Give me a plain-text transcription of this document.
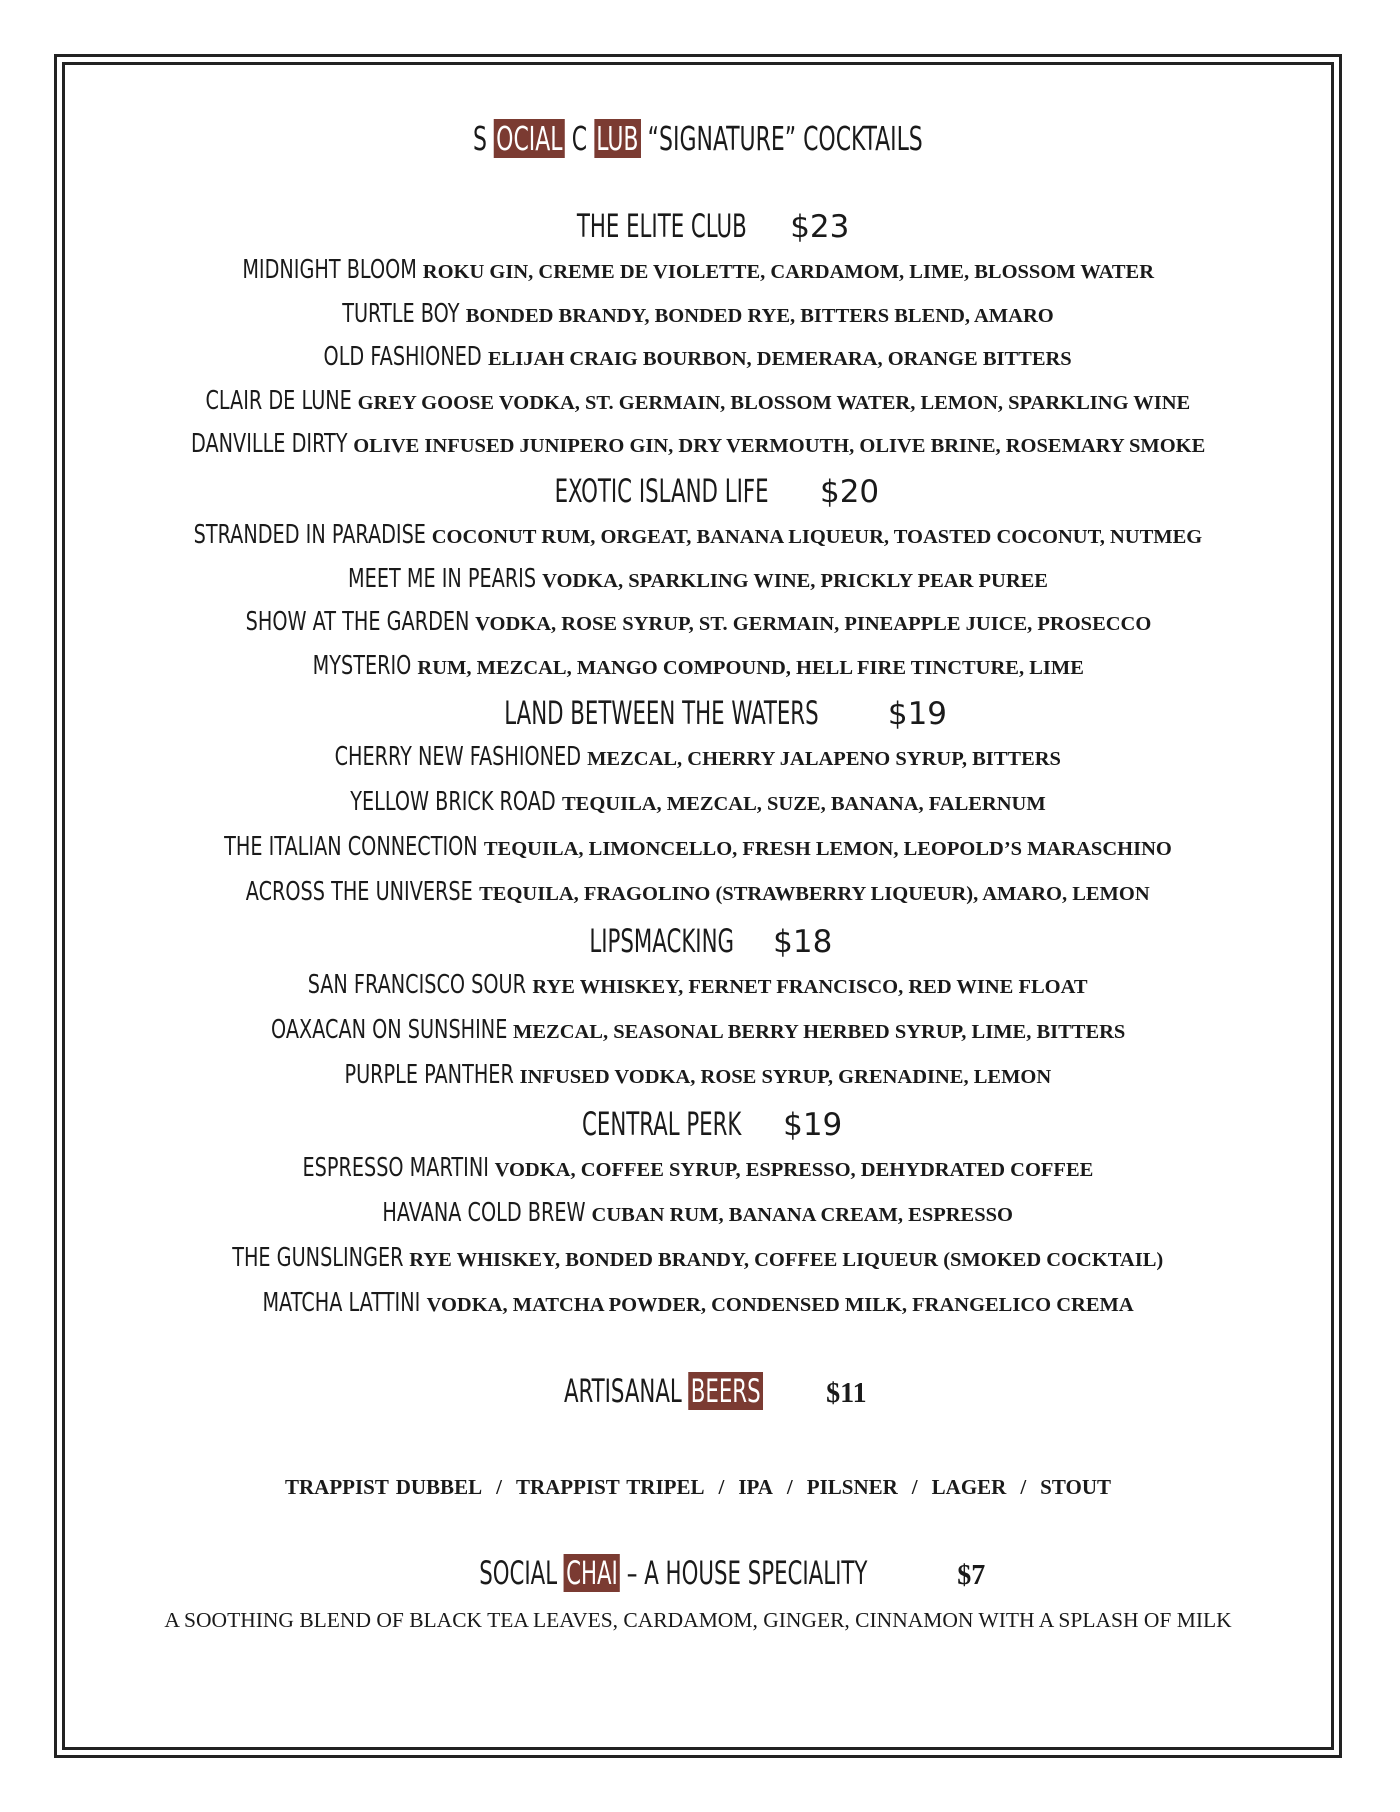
S OCIAL C LUB “SIGNATURE” COCKTAILS
THE ELITE CLUB $23
MIDNIGHT BLOOM ROKU GIN, CREME DE VIOLETTE, CARDAMOM, LIME, BLOSSOM WATER
TURTLE BOY BONDED BRANDY, BONDED RYE, BITTERS BLEND, AMARO
OLD FASHIONED ELIJAH CRAIG BOURBON, DEMERARA, ORANGE BITTERS
CLAIR DE LUNE GREY GOOSE VODKA, ST. GERMAIN, BLOSSOM WATER, LEMON, SPARKLING WINE
DANVILLE DIRTY OLIVE INFUSED JUNIPERO GIN, DRY VERMOUTH, OLIVE BRINE, ROSEMARY SMOKE
EXOTIC ISLAND LIFE $20
STRANDED IN PARADISE COCONUT RUM, ORGEAT, BANANA LIQUEUR, TOASTED COCONUT, NUTMEG
MEET ME IN PEARIS VODKA, SPARKLING WINE, PRICKLY PEAR PUREE
SHOW AT THE GARDEN VODKA, ROSE SYRUP, ST. GERMAIN, PINEAPPLE JUICE, PROSECCO
MYSTERIO RUM, MEZCAL, MANGO COMPOUND, HELL FIRE TINCTURE, LIME
LAND BETWEEN THE WATERS $19
CHERRY NEW FASHIONED MEZCAL, CHERRY JALAPENO SYRUP, BITTERS
YELLOW BRICK ROAD TEQUILA, MEZCAL, SUZE, BANANA, FALERNUM
THE ITALIAN CONNECTION TEQUILA, LIMONCELLO, FRESH LEMON, LEOPOLD’S MARASCHINO
ACROSS THE UNIVERSE TEQUILA, FRAGOLINO (STRAWBERRY LIQUEUR), AMARO, LEMON
LIPSMACKING $18
SAN FRANCISCO SOUR RYE WHISKEY, FERNET FRANCISCO, RED WINE FLOAT
OAXACAN ON SUNSHINE MEZCAL, SEASONAL BERRY HERBED SYRUP, LIME, BITTERS
PURPLE PANTHER INFUSED VODKA, ROSE SYRUP, GRENADINE, LEMON
CENTRAL PERK $19
ESPRESSO MARTINI VODKA, COFFEE SYRUP, ESPRESSO, DEHYDRATED COFFEE
HAVANA COLD BREW CUBAN RUM, BANANA CREAM, ESPRESSO
THE GUNSLINGER RYE WHISKEY, BONDED BRANDY, COFFEE LIQUEUR (SMOKED COCKTAIL)
MATCHA LATTINI VODKA, MATCHA POWDER, CONDENSED MILK, FRANGELICO CREMA
ARTISANAL BEERS $11
TRAPPIST DUBBEL / TRAPPIST TRIPEL / IPA / PILSNER / LAGER / STOUT
SOCIAL CHAI – A HOUSE SPECIALITY	$7
A SOOTHING BLEND OF BLACK TEA LEAVES, CARDAMOM, GINGER, CINNAMON WITH A SPLASH OF MILK
